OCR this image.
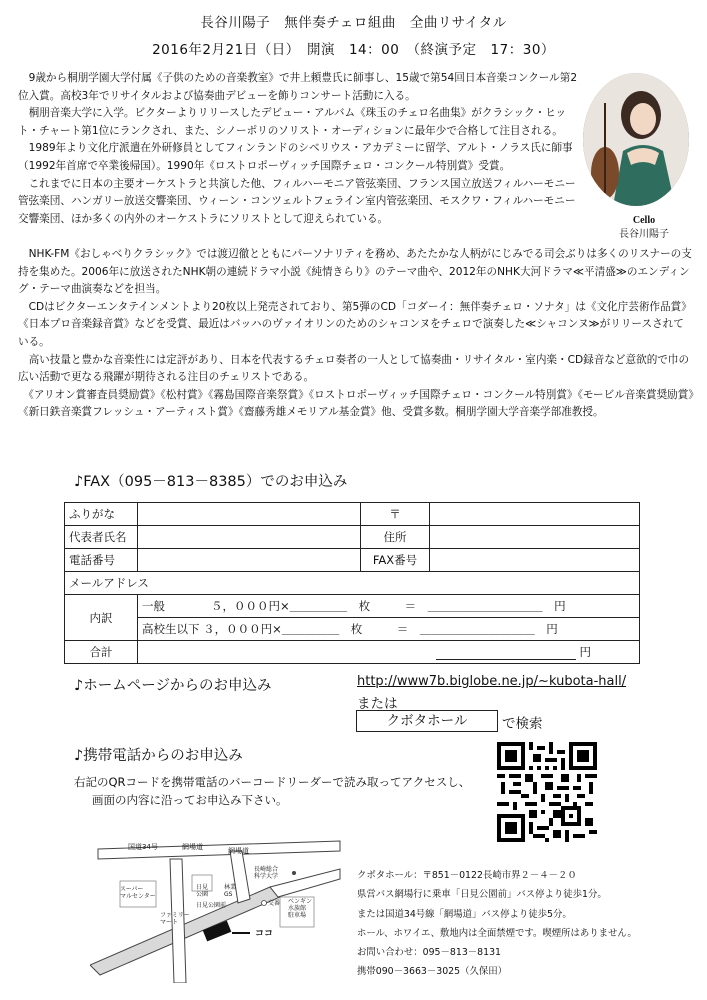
長谷川陽子　無伴奏チェロ組曲　全曲リサイタル
2016年2月21日（日）　開演　14：00　（終演予定　17：30）

　9歳から桐朋学園大学付属《子供のための音楽教室》で井上頼豊氏に師事し、15歳で第54回日本音楽コンクール第2位入賞。高校3年でリサイタルおよび協奏曲デビューを飾りコンサート活動に入る。

　桐朋音楽大学に入学。ビクターよりリリースしたデビュー・アルバム《珠玉のチェロ名曲集》がクラシック・ヒット・チャート第1位にランクされ、また、シノーポリのソリスト・オーディションに最年少で合格して注目される。

　1989年より文化庁派遣在外研修員としてフィンランドのシベリウス・アカデミーに留学、アルト・ノラス氏に師事（1992年首席で卒業後帰国）。1990年《ロストロポーヴィッチ国際チェロ・コンクール特別賞》受賞。

　これまでに日本の主要オーケストラと共演した他、フィルハーモニア管弦楽団、フランス国立放送フィルハーモニー管弦楽団、ハンガリー放送交響楽団、ウィーン・コンツェルトフェライン室内管弦楽団、モスクワ・フィルハーモニー交響楽団、ほか多くの内外のオーケストラにソリストとして迎えられている。

　NHK-FM《おしゃべりクラシック》では渡辺徹とともにパーソナリティを務め、あたたかな人柄がにじみでる司会ぶりは多くのリスナーの支持を集めた。2006年に放送されたNHK朝の連続ドラマ小説《純情きらり》のテーマ曲や、2012年のNHK大河ドラマ≪平清盛≫のエンディング・テーマ曲演奏などを担当。

　CDはビクターエンタテインメントより20枚以上発売されており、第5弾のCD「コダーイ：無伴奏チェロ・ソナタ」は《文化庁芸術作品賞》《日本プロ音楽録音賞》などを受賞、最近はバッハのヴァイオリンのためのシャコンヌをチェロで演奏した≪シャコンヌ≫がリリースされている。

　高い技量と豊かな音楽性には定評があり、日本を代表するチェロ奏者の一人として協奏曲・リサイタル・室内楽・CD録音など意欲的で巾の広い活動で更なる飛躍が期待される注目のチェリストである。

　《アリオン賞審査員奨励賞》《松村賞》《霧島国際音楽祭賞》《ロストロポーヴィッチ国際チェロ・コンクール特別賞》《モービル音楽賞奨励賞》《新日鉄音楽賞フレッシュ・アーティスト賞》《齋藤秀雄メモリアル基金賞》他、受賞多数。桐朋学園大学音楽学部准教授。

Cello
長谷川陽子
♪FAX（095－813－8385）でのお申込み
ふりがな		〒	
代表者氏名		住所	
電話番号		FAX番号	
メールアドレス			
内訳	一般　　　　５，０００円×＿＿＿＿＿　枚　　　＝　＿＿＿＿＿＿＿＿＿＿　円		
	高校生以下 ３，０００円×＿＿＿＿＿　枚　　　＝　＿＿＿＿＿＿＿＿＿＿　円		
合計	円		
♪ホームページからのお申込み	http://www7b.biglobe.ne.jp/~kubota-hall/
または
クボタホール	で検索
♪携帯電話からのお申込み
右記のQRコードを携帯電話のバーコードリーダーで読み取ってアクセスし、
画面の内容に沿ってお申込み下さい。
国道34号	網場道	網場道
長崎総合
科学大学
スーパー
マルセンター
ファミリー
マート
日見
公園
日見公園前
林業
GS
交番 ベンギン
水族館
駐車場
ココ
クボタホール：〒851－0122長崎市界２－４－２０
県営バス網場行に乗車「日見公園前」バス停より徒歩1分。
または国道34号線「網場道」バス停より徒歩5分。
ホール、ホワイエ、敷地内は全面禁煙です。喫煙所はありません。
お問い合わせ：095－813－8131
携帯090－3663－3025（久保田）
